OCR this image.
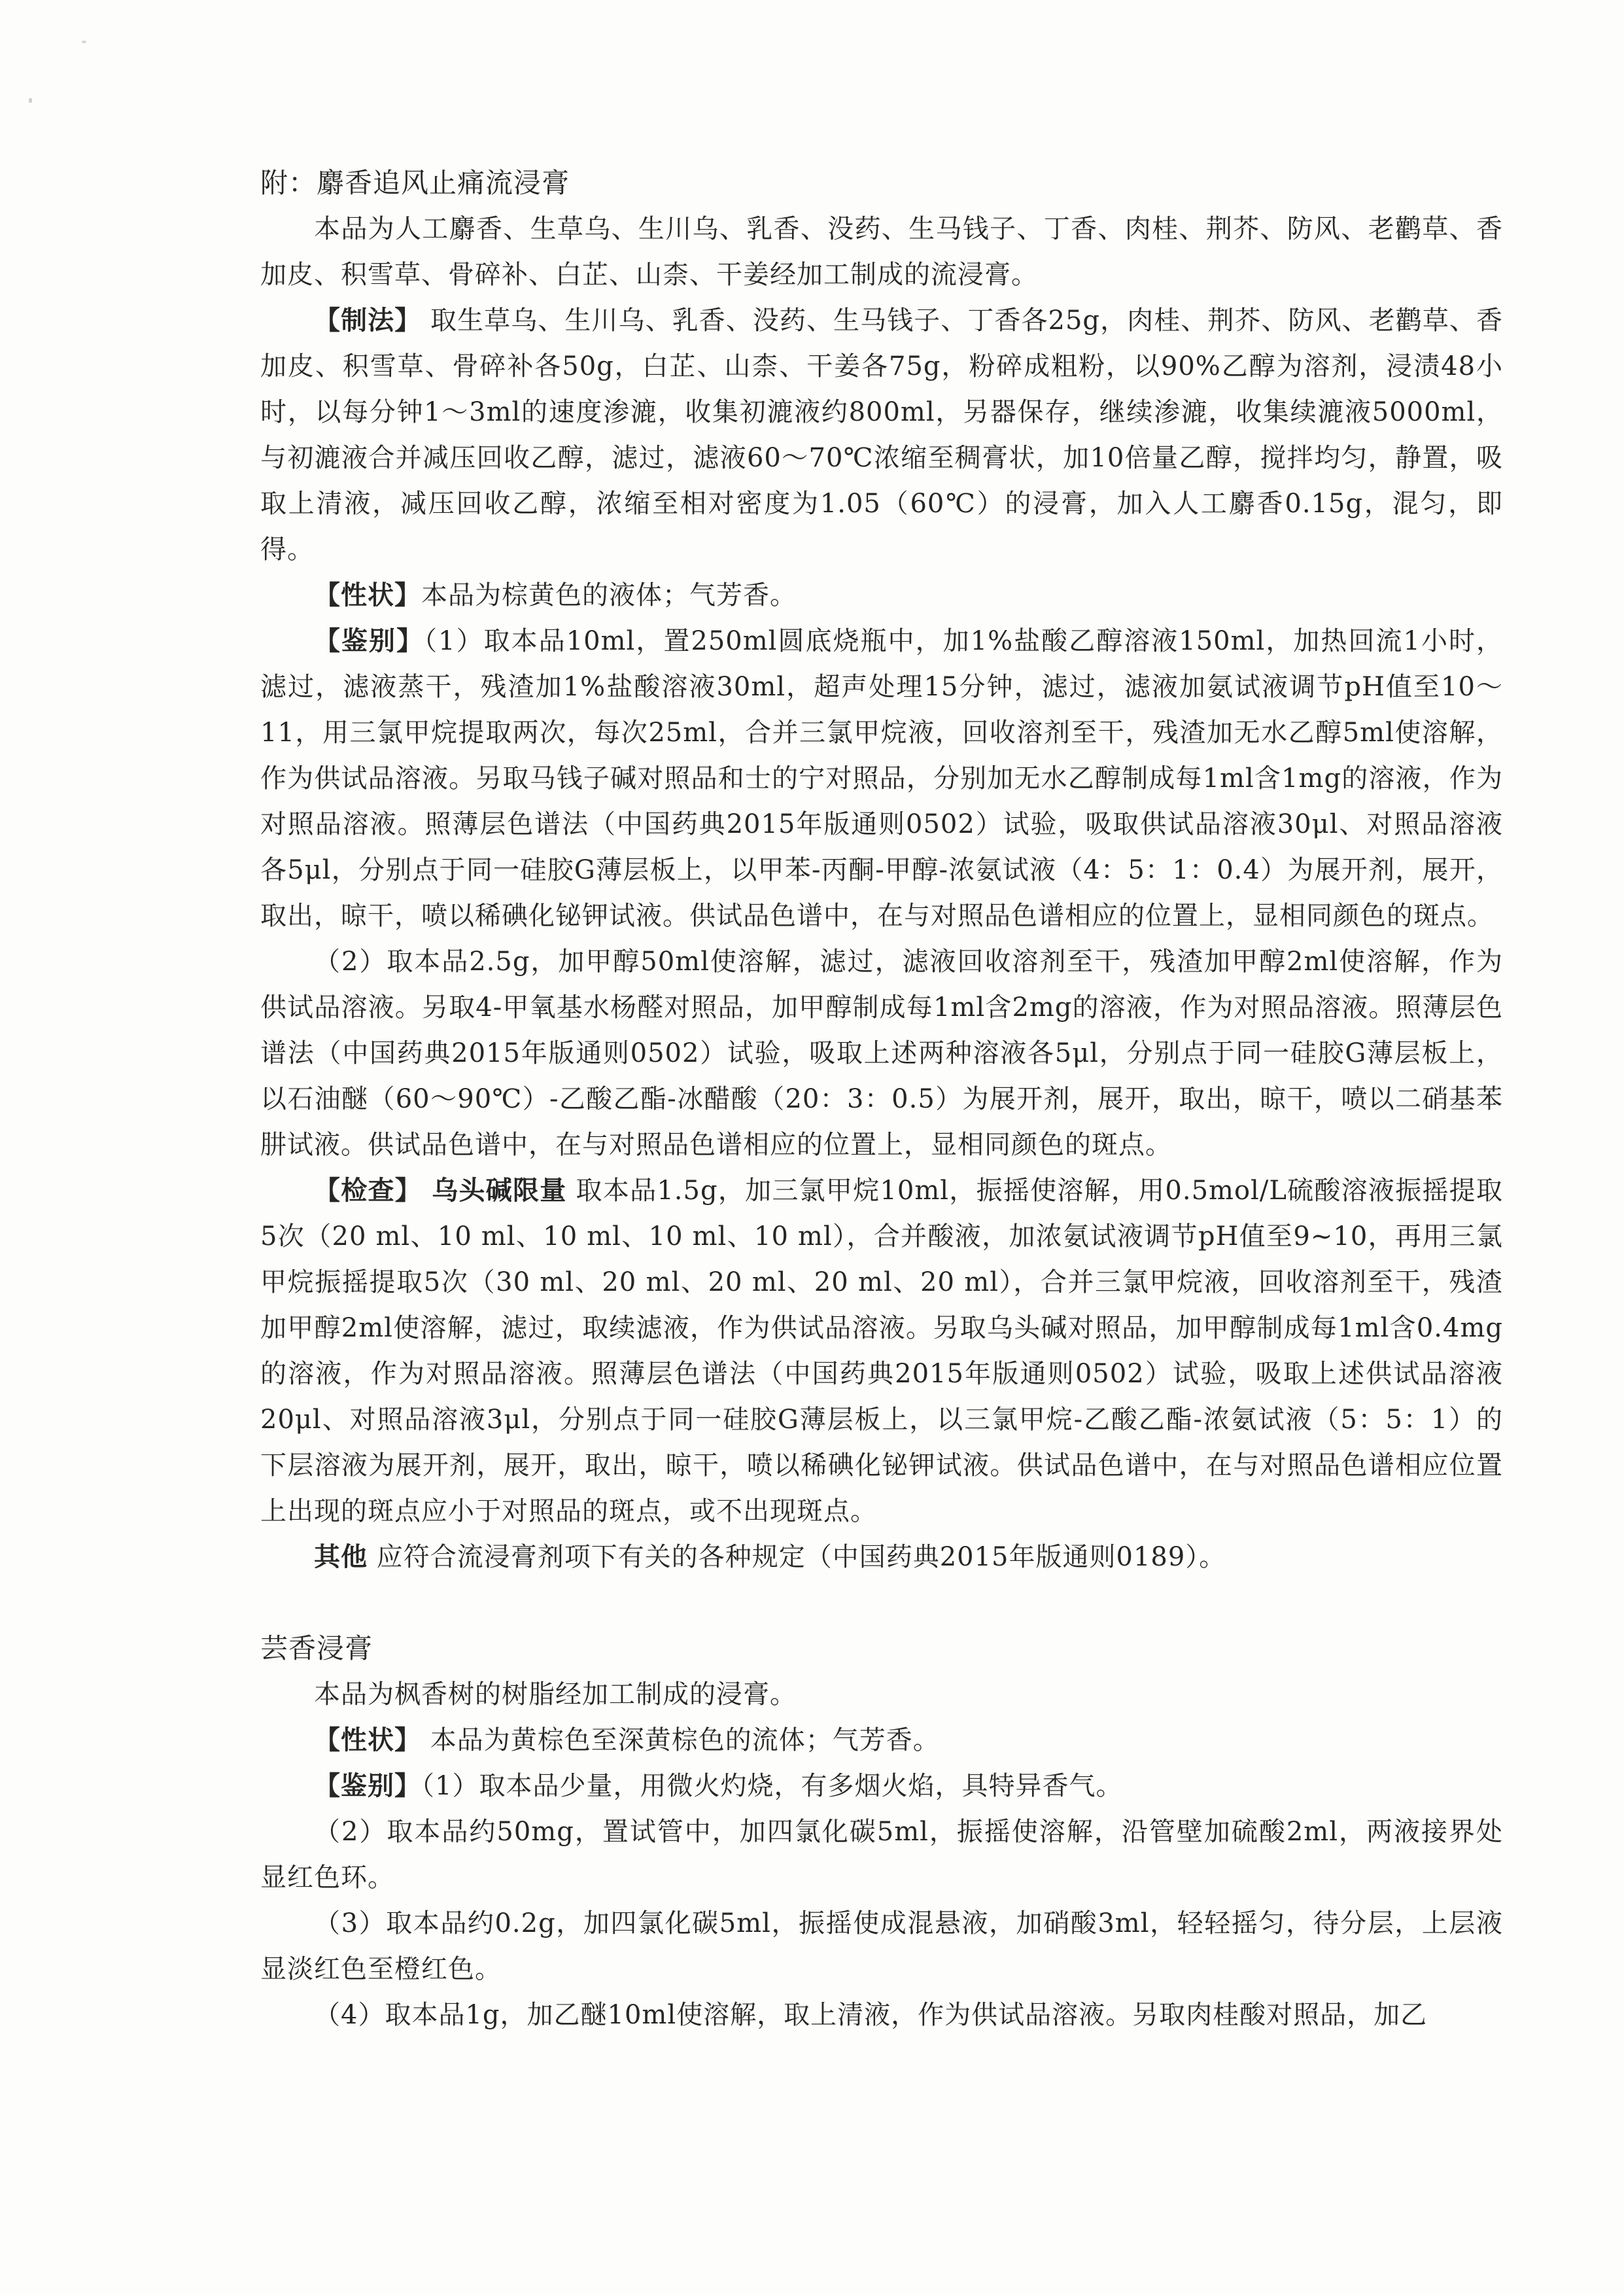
附：麝香追风止痛流浸膏

本品为人工麝香、生草乌、生川乌、乳香、没药、生马钱子、丁香、肉桂、荆芥、防风、老鹳草、香加皮、积雪草、骨碎补、白芷、山柰、干姜经加工制成的流浸膏。

【制法】 取生草乌、生川乌、乳香、没药、生马钱子、丁香各25g，肉桂、荆芥、防风、老鹳草、香加皮、积雪草、骨碎补各50g，白芷、山柰、干姜各75g，粉碎成粗粉，以90%乙醇为溶剂，浸渍48小时，以每分钟1～3ml的速度渗漉，收集初漉液约800ml，另器保存，继续渗漉，收集续漉液5000ml，与初漉液合并减压回收乙醇，滤过，滤液60～70℃浓缩至稠膏状，加10倍量乙醇，搅拌均匀，静置，吸取上清液，减压回收乙醇，浓缩至相对密度为1.05（60℃）的浸膏，加入人工麝香0.15g，混匀，即得。

【性状】本品为棕黄色的液体；气芳香。

【鉴别】（1）取本品10ml，置250ml圆底烧瓶中，加1%盐酸乙醇溶液150ml，加热回流1小时，滤过，滤液蒸干，残渣加1%盐酸溶液30ml，超声处理15分钟，滤过，滤液加氨试液调节pH值至10～11，用三氯甲烷提取两次，每次25ml，合并三氯甲烷液，回收溶剂至干，残渣加无水乙醇5ml使溶解，作为供试品溶液。另取马钱子碱对照品和士的宁对照品，分别加无水乙醇制成每1ml含1mg的溶液，作为对照品溶液。照薄层色谱法（中国药典2015年版通则0502）试验，吸取供试品溶液30μl、对照品溶液各5μl，分别点于同一硅胶G薄层板上，以甲苯-丙酮-甲醇-浓氨试液（4：5：1：0.4）为展开剂，展开，取出，晾干，喷以稀碘化铋钾试液。供试品色谱中，在与对照品色谱相应的位置上，显相同颜色的斑点。

（2）取本品2.5g，加甲醇50ml使溶解，滤过，滤液回收溶剂至干，残渣加甲醇2ml使溶解，作为供试品溶液。另取4-甲氧基水杨醛对照品，加甲醇制成每1ml含2mg的溶液，作为对照品溶液。照薄层色谱法（中国药典2015年版通则0502）试验，吸取上述两种溶液各5μl，分别点于同一硅胶G薄层板上，以石油醚（60～90℃）-乙酸乙酯-冰醋酸（20：3：0.5）为展开剂，展开，取出，晾干，喷以二硝基苯肼试液。供试品色谱中，在与对照品色谱相应的位置上，显相同颜色的斑点。

【检查】 乌头碱限量 取本品1.5g，加三氯甲烷10ml，振摇使溶解，用0.5mol/L硫酸溶液振摇提取5次（20 ml、10 ml、10 ml、10 ml、10 ml），合并酸液，加浓氨试液调节pH值至9~10，再用三氯甲烷振摇提取5次（30 ml、20 ml、20 ml、20 ml、20 ml），合并三氯甲烷液，回收溶剂至干，残渣加甲醇2ml使溶解，滤过，取续滤液，作为供试品溶液。另取乌头碱对照品，加甲醇制成每1ml含0.4mg的溶液，作为对照品溶液。照薄层色谱法（中国药典2015年版通则0502）试验，吸取上述供试品溶液20μl、对照品溶液3μl，分别点于同一硅胶G薄层板上，以三氯甲烷-乙酸乙酯-浓氨试液（5：5：1）的下层溶液为展开剂，展开，取出，晾干，喷以稀碘化铋钾试液。供试品色谱中，在与对照品色谱相应位置上出现的斑点应小于对照品的斑点，或不出现斑点。

其他 应符合流浸膏剂项下有关的各种规定（中国药典2015年版通则0189）。

芸香浸膏

本品为枫香树的树脂经加工制成的浸膏。

【性状】 本品为黄棕色至深黄棕色的流体；气芳香。

【鉴别】（1）取本品少量，用微火灼烧，有多烟火焰，具特异香气。

（2）取本品约50mg，置试管中，加四氯化碳5ml，振摇使溶解，沿管壁加硫酸2ml，两液接界处显红色环。

（3）取本品约0.2g，加四氯化碳5ml，振摇使成混悬液，加硝酸3ml，轻轻摇匀，待分层，上层液显淡红色至橙红色。

（4）取本品1g，加乙醚10ml使溶解，取上清液，作为供试品溶液。另取肉桂酸对照品，加乙
